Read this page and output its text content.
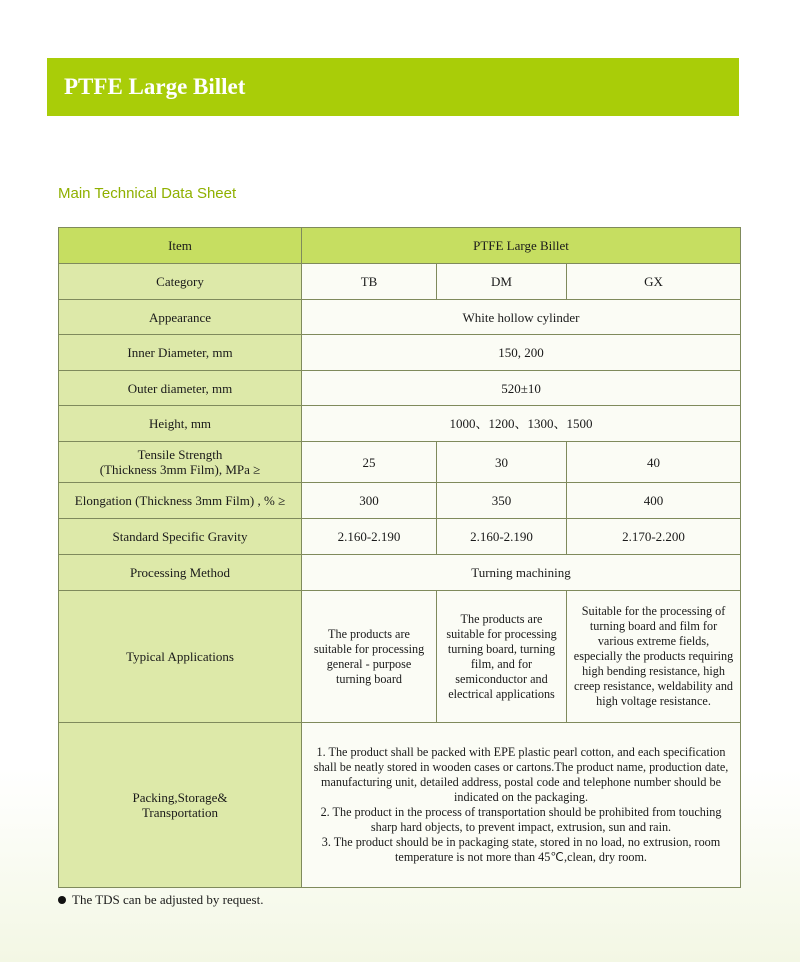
PTFE Large Billet
Main Technical Data Sheet
Item	PTFE Large Billet		
Category	TB	DM	GX
Appearance	White hollow cylinder		
Inner Diameter, mm	150, 200		
Outer diameter, mm	520±10		
Height, mm	1000、1200、1300、1500		

Tensile Strength
(Thickness 3mm Film), MPa ≥	25	30	40
Elongation (Thickness 3mm Film) , % ≥	300	350	400
Standard Specific Gravity	2.160-2.190	2.160-2.190	2.170-2.200
Processing Method	Turning machining		
Typical Applications	The products are suitable for processing general - purpose turning board	The products are suitable for processing turning board, turning film, and for semiconductor and electrical applications	Suitable for the processing of turning board and film for various extreme fields, especially the products requiring high bending resistance, high creep resistance, weldability and high voltage resistance.

Packing,Storage&
Transportation	1. The product shall be packed with EPE plastic pearl cotton, and each specification shall be neatly stored in wooden cases or cartons.The product name, production date, manufacturing unit, detailed address, postal code and telephone number should be indicated on the packaging.
2. The product in the process of transportation should be prohibited from touching sharp hard objects, to prevent impact, extrusion, sun and rain.
3. The product should be in packaging state, stored in no load, no extrusion, room temperature is not more than 45℃,clean, dry room.		
The TDS can be adjusted by request.
